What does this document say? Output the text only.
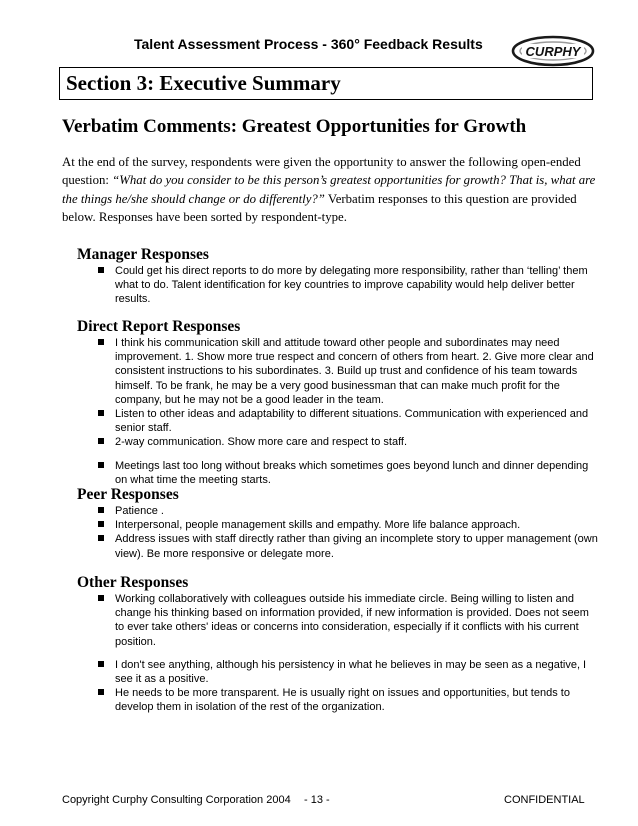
Talent Assessment Process - 360° Feedback Results	CURPHY
Section 3: Executive Summary
Verbatim Comments: Greatest Opportunities for Growth
At the end of the survey, respondents were given the opportunity to answer the following open-ended question: “What do you consider to be this person’s greatest opportunities for growth? That is, what are the things he/she should change or do differently?” Verbatim responses to this question are provided below. Responses have been sorted by respondent-type.
Manager Responses
Could get his direct reports to do more by delegating more responsibility, rather than ‘telling’ them what to do. Talent identification for key countries to improve capability would help deliver better results.
Direct Report Responses
I think his communication skill and attitude toward other people and subordinates may need improvement. 1. Show more true respect and concern of others from heart. 2. Give more clear and consistent instructions to his subordinates. 3. Build up trust and confidence of his team towards himself. To be frank, he may be a very good businessman that can make much profit for the company, but he may not be a good leader in the team.
Listen to other ideas and adaptability to different situations. Communication with experienced and senior staff.
2-way communication. Show more care and respect to staff.
Meetings last too long without breaks which sometimes goes beyond lunch and dinner depending on what time the meeting starts.
Peer Responses
Patience .
Interpersonal, people management skills and empathy. More life balance approach.
Address issues with staff directly rather than giving an incomplete story to upper management (own view). Be more responsive or delegate more.
Other Responses
Working collaboratively with colleagues outside his immediate circle. Being willing to listen and change his thinking based on information provided, if new information is provided. Does not seem to ever take others' ideas or concerns into consideration, especially if it conflicts with his current position.
I don't see anything, although his persistency in what he believes in may be seen as a negative, I see it as a positive.
He needs to be more transparent. He is usually right on issues and opportunities, but tends to develop them in isolation of the rest of the organization.
Copyright Curphy Consulting Corporation 2004 - 13 -	CONFIDENTIAL
